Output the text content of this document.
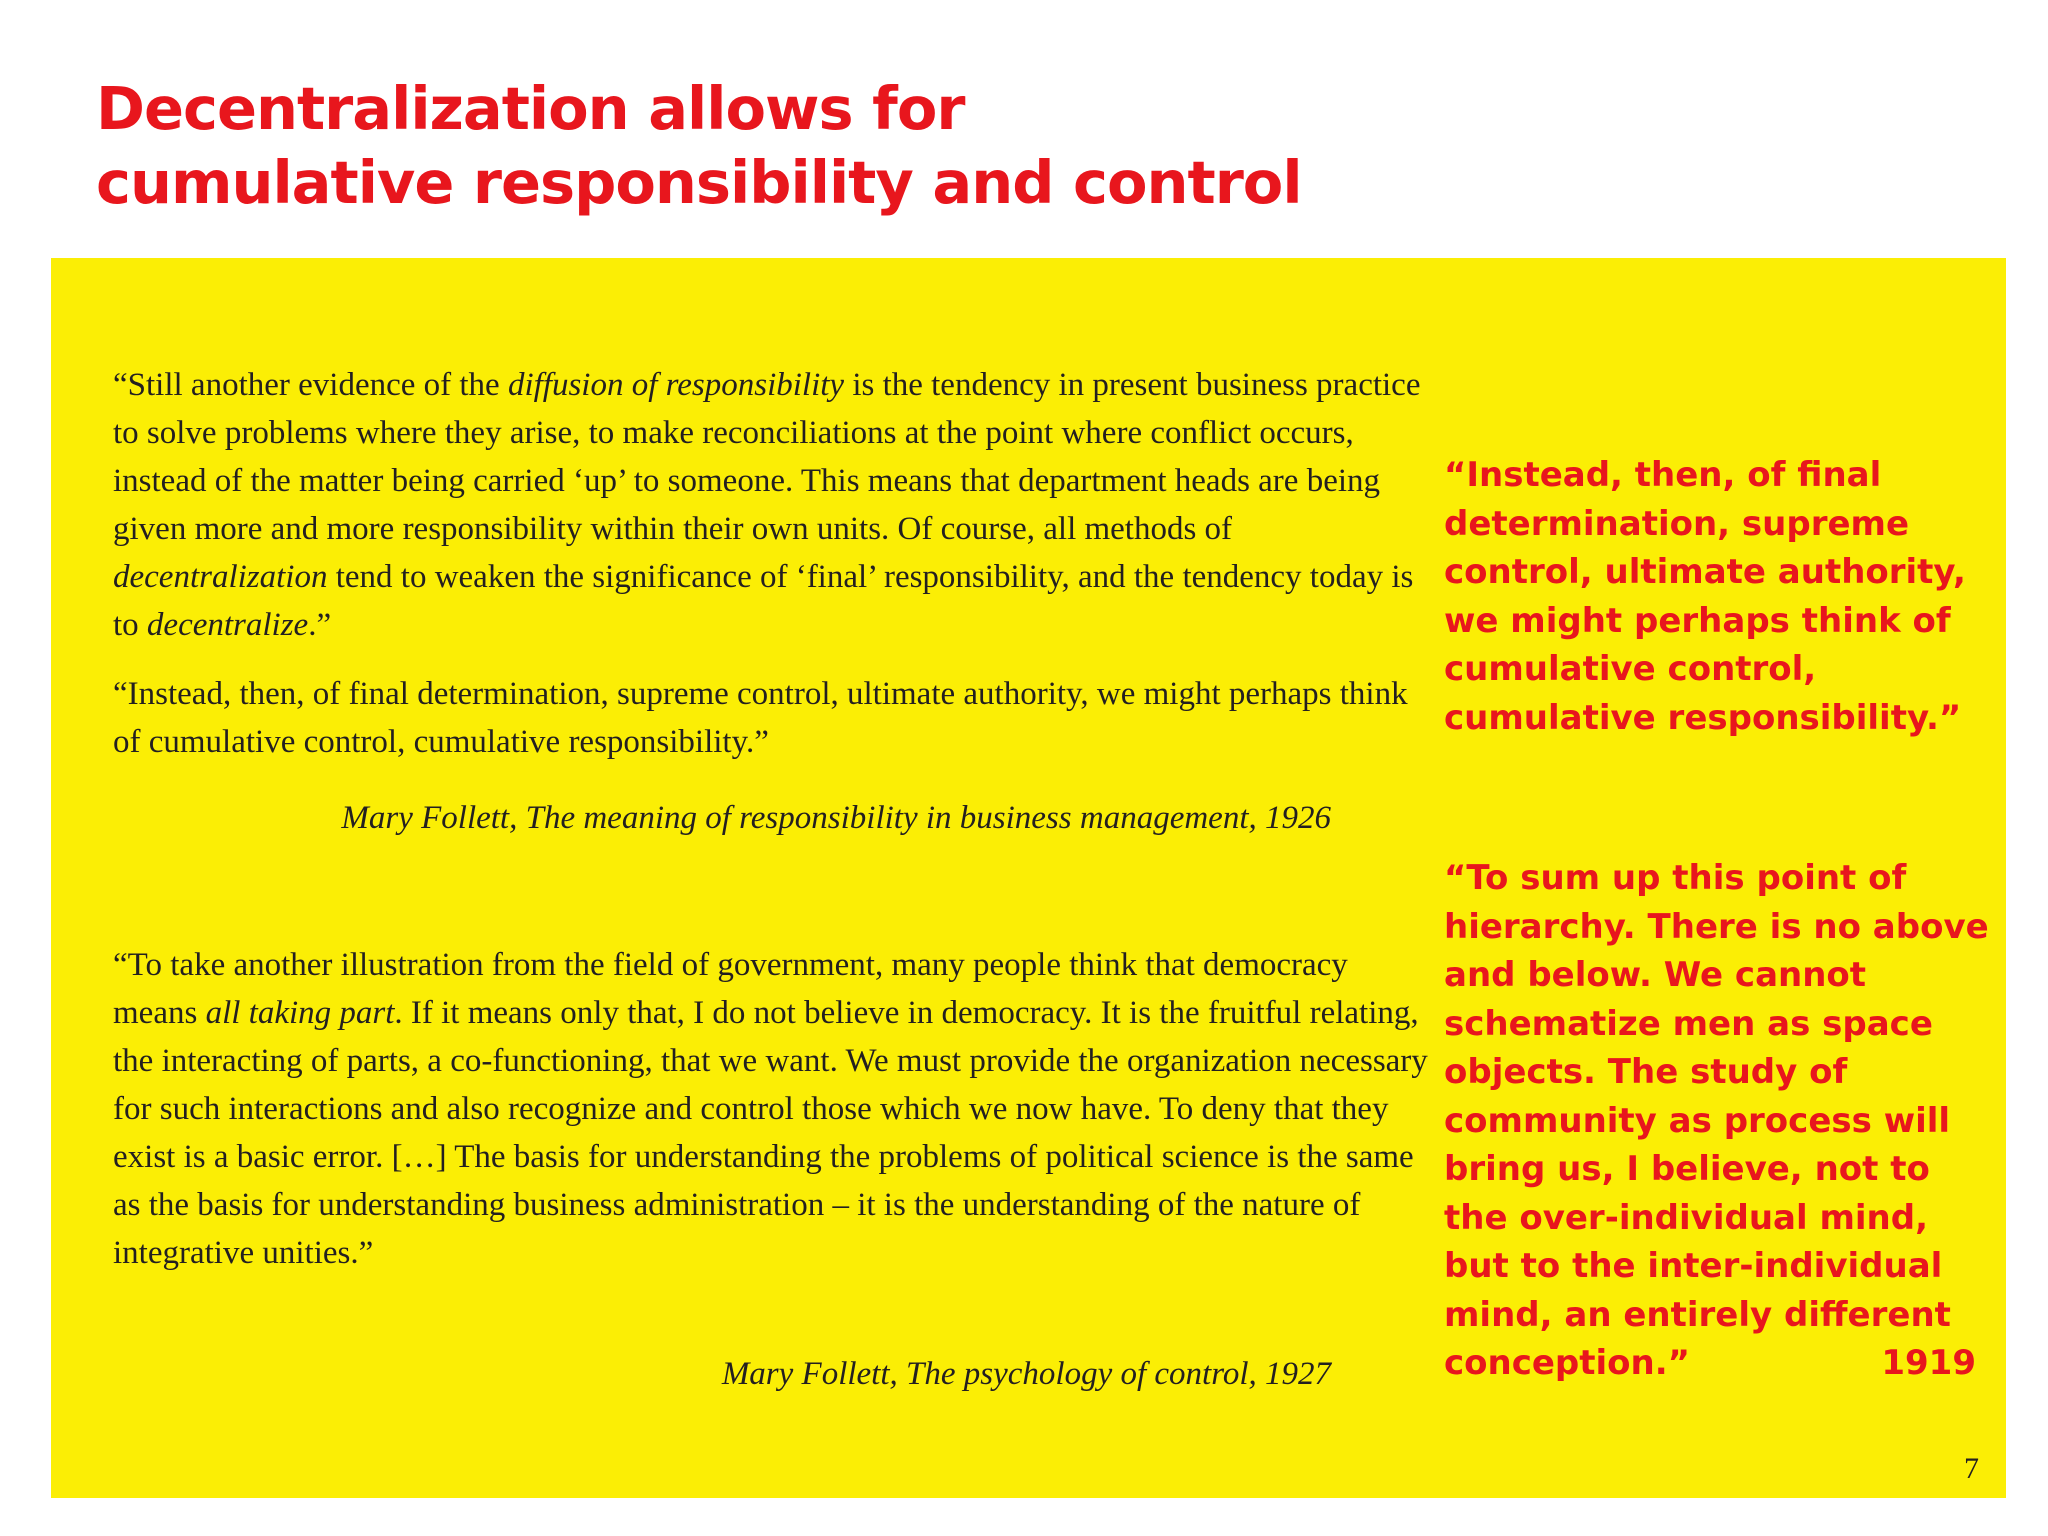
Decentralization allows for
cumulative responsibility and control

“Still another evidence of the diffusion of responsibility is the tendency in present business practice to solve problems where they arise, to make reconciliations at the point where conflict occurs, instead of the matter being carried ‘up’ to someone. This means that department heads are being given more and more responsibility within their own units. Of course, all methods of decentralization tend to weaken the significance of ‘final’ responsibility, and the tendency today is to decentralize.”

“Instead, then, of final determination, supreme control, ultimate authority, we might perhaps think of cumulative control, cumulative responsibility.”

Mary Follett, The meaning of responsibility in business management, 1926

“To take another illustration from the field of government, many people think that democracy means all taking part. If it means only that, I do not believe in democracy. It is the fruitful relating, the interacting of parts, a co-functioning, that we want. We must provide the organization necessary for such interactions and also recognize and control those which we now have. To deny that they exist is a basic error. […] The basis for understanding the problems of political science is the same as the basis for understanding business administration – it is the understanding of the nature of integrative unities.”

Mary Follett, The psychology of control, 1927

“Instead, then, of final determination, supreme control, ultimate authority, we might perhaps think of cumulative control, cumulative responsibility.”

“To sum up this point of hierarchy. There is no above and below. We cannot schematize men as space objects. The study of community as process will bring us, I believe, not to the over-individual mind, but to the inter-individual mind, an entirely different conception.”	1919

7
